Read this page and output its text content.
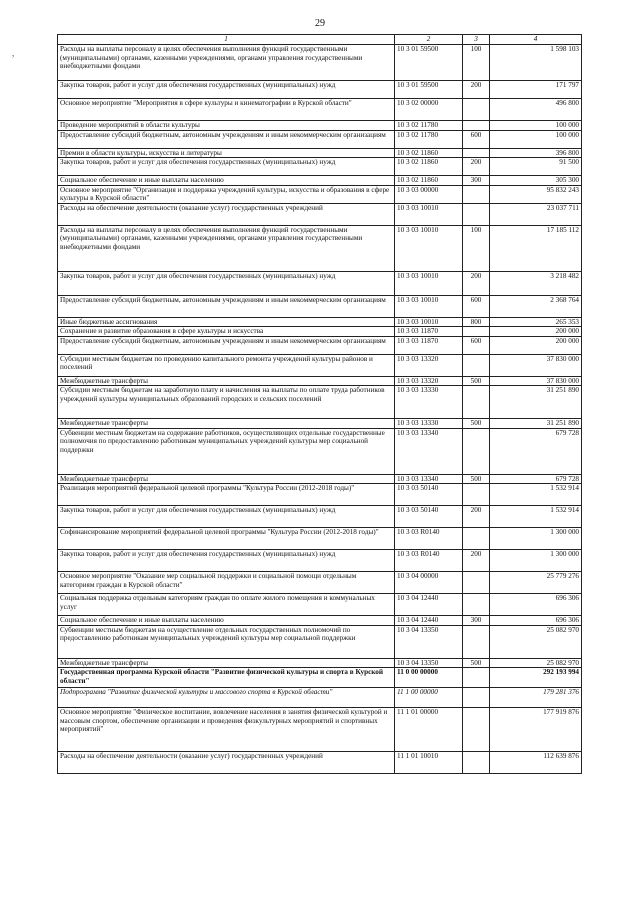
29
,
1	2	3	4
Расходы на выплаты персоналу в целях обеспечения выполнения функций государственными (муниципальными) органами, казенными учреждениями, органами управления государственными внебюджетными фондами	10 3 01 59500	100	1 598 103
Закупка товаров, работ и услуг для обеспечения государственных (муниципальных) нужд	10 3 01 59500	200	171 797
Основное мероприятие "Мероприятия в сфере культуры и кинематографии в Курской области"	10 3 02 00000		496 800
Проведение мероприятий в области культуры	10 3 02 11780		100 000
Предоставление субсидий бюджетным, автономным учреждениям и иным некоммерческим организациям	10 3 02 11780	600	100 000
Премии в области культуры, искусства и литературы	10 3 02 11860		396 800
Закупка товаров, работ и услуг для обеспечения государственных (муниципальных) нужд	10 3 02 11860	200	91 500
Социальное обеспечение и иные выплаты населению	10 3 02 11860	300	305 300
Основное мероприятие "Организация и поддержка учреждений культуры, искусства и образования в сфере культуры в Курской области"	10 3 03 00000		95 832 243
Расходы на обеспечение деятельности (оказание услуг) государственных учреждений	10 3 03 10010		23 037 711
Расходы на выплаты персоналу в целях обеспечения выполнения функций государственными (муниципальными) органами, казенными учреждениями, органами управления государственными внебюджетными фондами	10 3 03 10010	100	17 185 112
Закупка товаров, работ и услуг для обеспечения государственных (муниципальных) нужд	10 3 03 10010	200	3 218 482
Предоставление субсидий бюджетным, автономным учреждениям и иным некоммерческим организациям	10 3 03 10010	600	2 368 764
Иные бюджетные ассигнования	10 3 03 10010	800	265 353
Сохранение и развитие образования в сфере культуры и искусства	10 3 03 11870		200 000
Предоставление субсидий бюджетным, автономным учреждениям и иным некоммерческим организациям	10 3 03 11870	600	200 000
Субсидии местным бюджетам по проведению капитального ремонта учреждений культуры районов и поселений	10 3 03 13320		37 830 000
Межбюджетные трансферты	10 3 03 13320	500	37 830 000
Субсидии местным бюджетам на заработную плату и начисления на выплаты по оплате труда работников учреждений культуры муниципальных образований городских и сельских поселений	10 3 03 13330		31 251 890
Межбюджетные трансферты	10 3 03 13330	500	31 251 890
Субвенции местным бюджетам на содержание работников, осуществляющих отдельные государственные полномочия по предоставлению работникам муниципальных учреждений культуры мер социальной поддержки	10 3 03 13340		679 728
Межбюджетные трансферты	10 3 03 13340	500	679 728
Реализация мероприятий федеральной целевой программы "Культура России (2012-2018 годы)"	10 3 03 50140		1 532 914
Закупка товаров, работ и услуг для обеспечения государственных (муниципальных) нужд	10 3 03 50140	200	1 532 914
Софинансирование мероприятий федеральной целевой программы "Культура России (2012-2018 годы)"	10 3 03 R0140		1 300 000
Закупка товаров, работ и услуг для обеспечения государственных (муниципальных) нужд	10 3 03 R0140	200	1 300 000
Основное мероприятие "Оказание мер социальной поддержки и социальной помощи отдельным категориям граждан в Курской области"	10 3 04 00000		25 779 276
Социальная поддержка отдельным категориям граждан по оплате жилого помещения и коммунальных услуг	10 3 04 12440		696 306
Социальное обеспечение и иные выплаты населению	10 3 04 12440	300	696 306
Субвенции местным бюджетам на осуществление отдельных государственных полномочий по предоставлению работникам муниципальных учреждений культуры мер социальной поддержки	10 3 04 13350		25 082 970
Межбюджетные трансферты	10 3 04 13350	500	25 082 970
Государственная программа Курской области "Развитие физической культуры и спорта в Курской области"	11 0 00 00000		292 193 994
Подпрограмма "Развитие физической культуры и массового спорта в Курской области"	11 1 00 00000		179 281 376
Основное мероприятие "Физическое воспитание, вовлечение населения в занятия физической культурой и массовым спортом, обеспечение организации и проведения физкультурных мероприятий и спортивных мероприятий"	11 1 01 00000		177 919 876
Расходы на обеспечение деятельности (оказание услуг) государственных учреждений	11 1 01 10010		112 639 876
